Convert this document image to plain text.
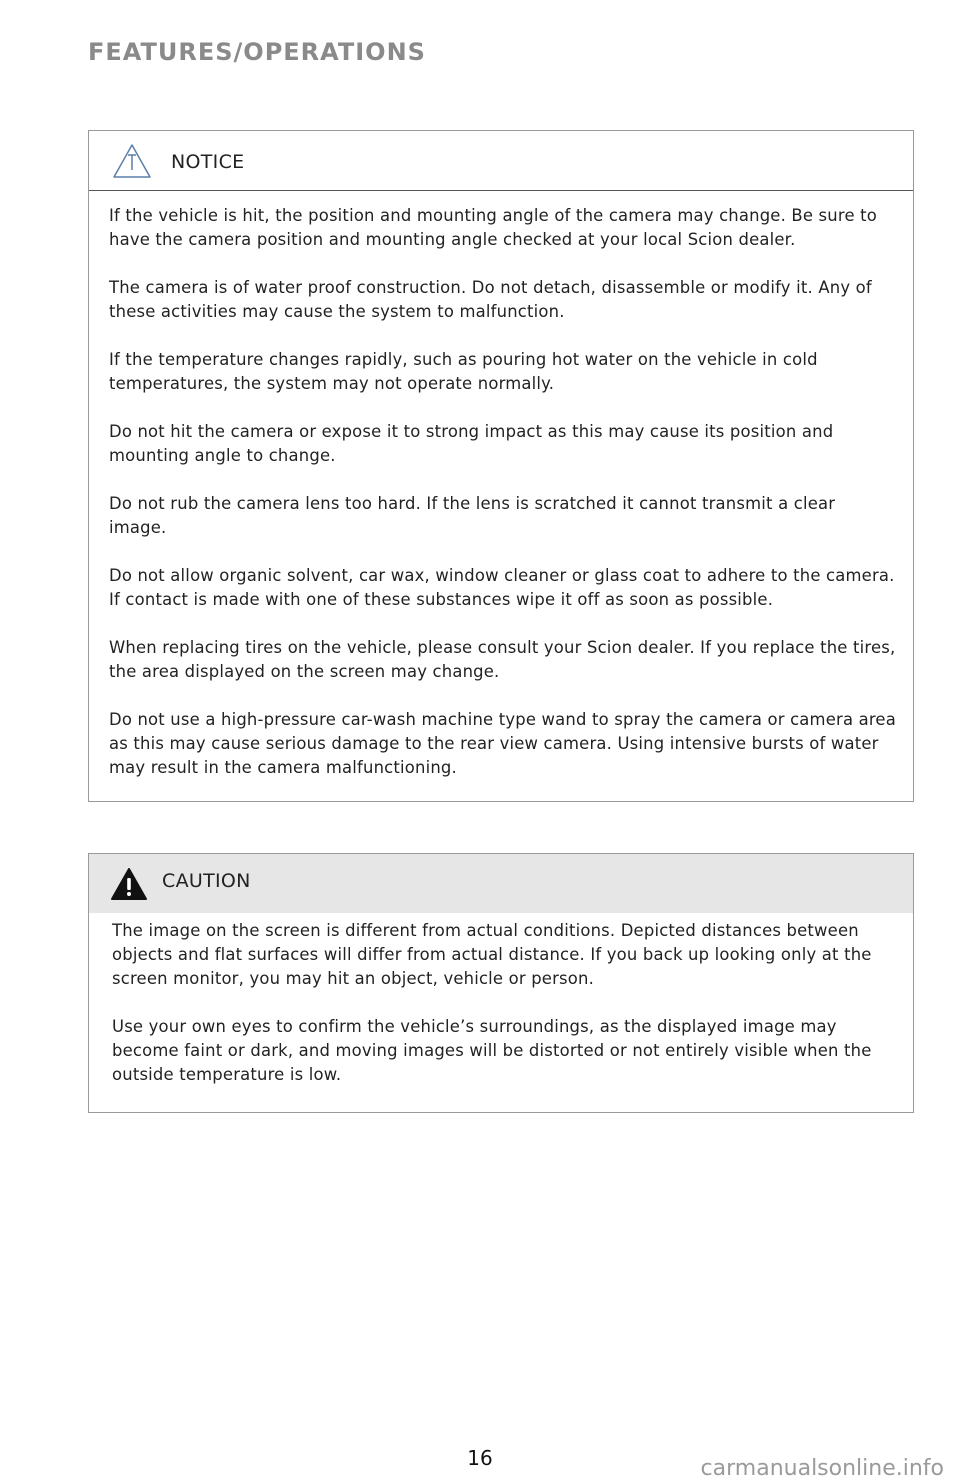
FEATURES/OPERATIONS
NOTICE

If the vehicle is hit, the position and mounting angle of the camera may change. Be sure to have the camera position and mounting angle checked at your local Scion dealer.

The camera is of water proof construction. Do not detach, disassemble or modify it. Any of these activities may cause the system to malfunction.

If the temperature changes rapidly, such as pouring hot water on the vehicle in cold temperatures, the system may not operate normally.

Do not hit the camera or expose it to strong impact as this may cause its position and mounting angle to change.

Do not rub the camera lens too hard. If the lens is scratched it cannot transmit a clear image.

Do not allow organic solvent, car wax, window cleaner or glass coat to adhere to the camera. If contact is made with one of these substances wipe it off as soon as possible.

When replacing tires on the vehicle, please consult your Scion dealer. If you replace the tires, the area displayed on the screen may change.

Do not use a high-pressure car-wash machine type wand to spray the camera or camera area as this may cause serious damage to the rear view camera. Using intensive bursts of water may result in the camera malfunctioning.

CAUTION

The image on the screen is different from actual conditions. Depicted distances between objects and flat surfaces will differ from actual distance. If you back up looking only at the screen monitor, you may hit an object, vehicle or person.

Use your own eyes to confirm the vehicle’s surroundings, as the displayed image may become faint or dark, and moving images will be distorted or not entirely visible when the outside temperature is low.

16	carmanualsonline.info
